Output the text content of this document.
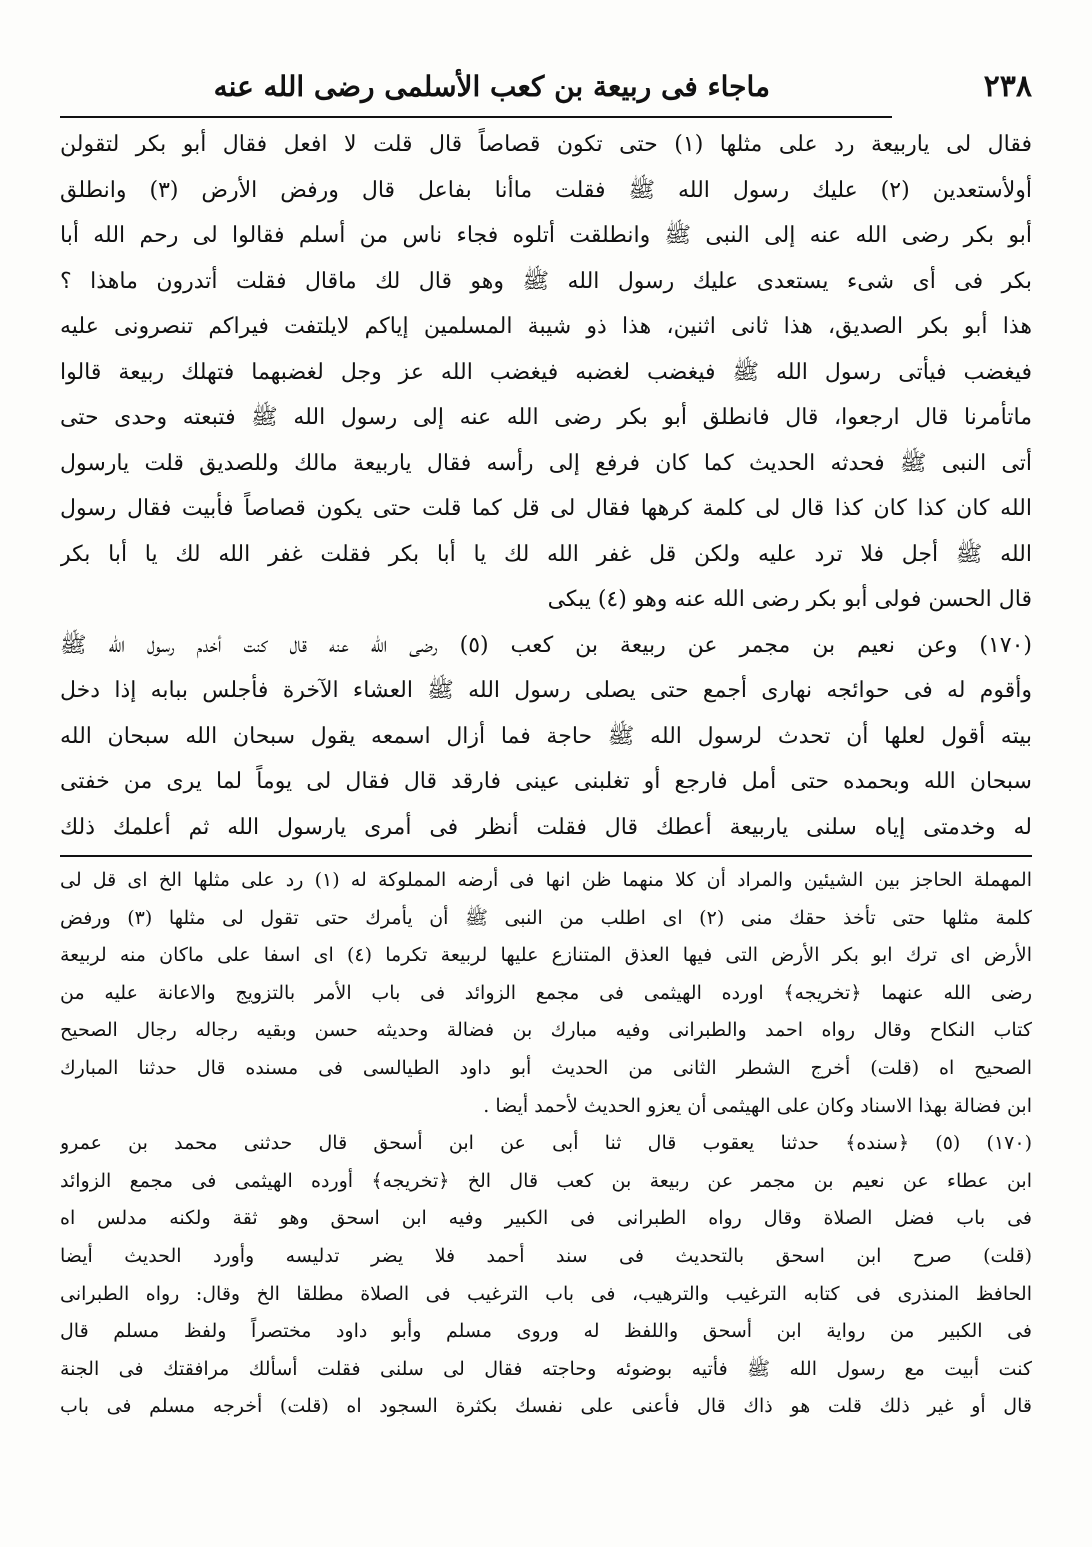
٢٣٨
ماجاء فى ربيعة بن كعب الأسلمى رضى الله عنه
فقال لى ياربيعة رد على مثلها (١) حتى تكون قصاصاً قال قلت لا افعل فقال أبو بكر لتقولن
أولأستعدين (٢) عليك رسول الله ﷺ فقلت ماأنا بفاعل قال ورفض الأرض (٣) وانطلق
أبو بكر رضى الله عنه إلى النبى ﷺ وانطلقت أتلوه فجاء ناس من أسلم فقالوا لى رحم الله أبا
بكر فى أى شىء يستعدى عليك رسول الله ﷺ وهو قال لك ماقال فقلت أتدرون ماهذا ؟
هذا أبو بكر الصديق، هذا ثانى اثنين، هذا ذو شيبة المسلمين إياكم لايلتفت فيراكم تنصرونى عليه
فيغضب فيأتى رسول الله ﷺ فيغضب لغضبه فيغضب الله عز وجل لغضبهما فتهلك ربيعة قالوا
ماتأمرنا قال ارجعوا، قال فانطلق أبو بكر رضى الله عنه إلى رسول الله ﷺ فتبعته وحدى حتى
أتى النبى ﷺ فحدثه الحديث كما كان فرفع إلى رأسه فقال ياربيعة مالك وللصديق قلت يارسول
الله كان كذا كان كذا قال لى كلمة كرهها فقال لى قل كما قلت حتى يكون قصاصاً فأبيت فقال رسول
الله ﷺ أجل فلا ترد عليه ولكن قل غفر الله لك يا أبا بكر فقلت غفر الله لك يا أبا بكر
قال الحسن فولى أبو بكر رضى الله عنه وهو (٤) يبكى
(١٧٠) وعن نعيم بن مجمر عن ربيعة بن كعب (٥) رضى الله عنه قال كنت أخدم رسول الله ﷺ
وأقوم له فى حوائجه نهارى أجمع حتى يصلى رسول الله ﷺ العشاء الآخرة فأجلس ببابه إذا دخل
بيته أقول لعلها أن تحدث لرسول الله ﷺ حاجة فما أزال اسمعه يقول سبحان الله سبحان الله
سبحان الله وبحمده حتى أمل فارجع أو تغلبنى عينى فارقد قال فقال لى يوماً لما يرى من خفتى
له وخدمتى إياه سلنى ياربيعة أعطك قال فقلت أنظر فى أمرى يارسول الله ثم أعلمك ذلك
المهملة الحاجز بين الشيئين والمراد أن كلا منهما ظن انها فى أرضه المملوكة له (١) رد على مثلها الخ اى قل لى
كلمة مثلها حتى تأخذ حقك منى (٢) اى اطلب من النبى ﷺ أن يأمرك حتى تقول لى مثلها (٣) ورفض
الأرض اى ترك ابو بكر الأرض التى فيها العذق المتنازع عليها لربيعة تكرما (٤) اى اسفا على ماكان منه لربيعة
رضى الله عنهما ﴿تخريجه﴾ اورده الهيثمى فى مجمع الزوائد فى باب الأمر بالتزويج والاعانة عليه من
كتاب النكاح وقال رواه احمد والطبرانى وفيه مبارك بن فضالة وحديثه حسن وبقيه رجاله رجال الصحيح
الصحيح اه (قلت) أخرج الشطر الثانى من الحديث أبو داود الطيالسى فى مسنده قال حدثنا المبارك
ابن فضالة بهذا الاسناد وكان على الهيثمى أن يعزو الحديث لأحمد أيضا .
(١٧٠) (٥) ﴿سنده﴾ حدثنا يعقوب قال ثنا أبى عن ابن أسحق قال حدثنى محمد بن عمرو
ابن عطاء عن نعيم بن مجمر عن ربيعة بن كعب قال الخ ﴿تخريجه﴾ أورده الهيثمى فى مجمع الزوائد
فى باب فضل الصلاة وقال رواه الطبرانى فى الكبير وفيه ابن اسحق وهو ثقة ولكنه مدلس اه
(قلت) صرح ابن اسحق بالتحديث فى سند أحمد فلا يضر تدليسه وأورد الحديث أيضا
الحافظ المنذرى فى كتابه الترغيب والترهيب، فى باب الترغيب فى الصلاة مطلقا الخ وقال: رواه الطبرانى
فى الكبير من رواية ابن أسحق واللفظ له وروى مسلم وأبو داود مختصراً ولفظ مسلم قال
كنت أبيت مع رسول الله ﷺ فأتيه بوضوئه وحاجته فقال لى سلنى فقلت أسألك مرافقتك فى الجنة
قال أو غير ذلك قلت هو ذاك قال فأعنى على نفسك بكثرة السجود اه (قلت) أخرجه مسلم فى باب
